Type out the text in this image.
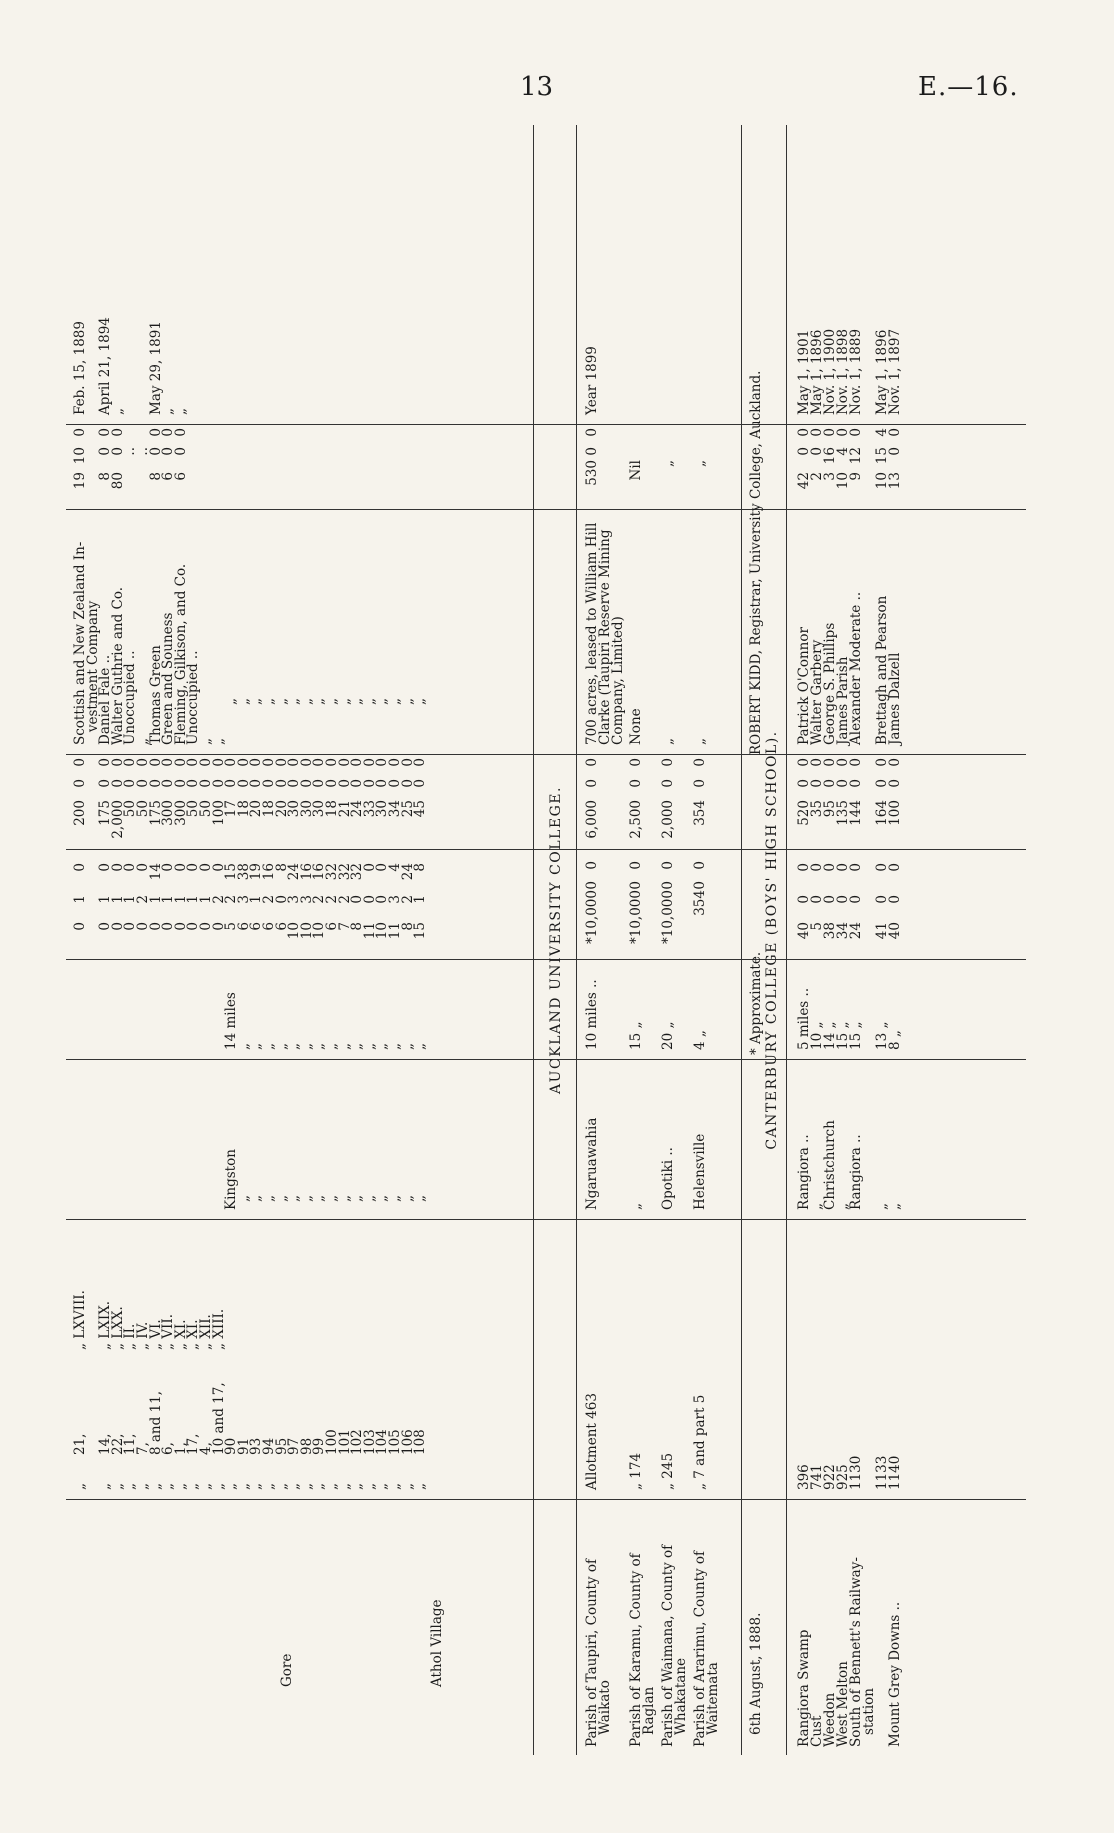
13	E.—16.
Gore
„
21,
„ LXVIII.
0
1
0
200
0
0
Scottish and New Zealand In-
19
10
0
Feb. 15, 1889
vestment Company
„
14,
„ LXIX.
0
1
0
175
0
0
Daniel Fale ..
8
0
0
April 21, 1894
„
22,
„ LXX.
0
1
0
2,000
0
0
Walter Guthrie and Co.
80
0
0
„
„
11,
„ II.
0
1
0
50
0
0
Unoccupied ..
..
„
7,
„ IV.
0
2
0
50
0
0
„
..
„
8 and 11,
„ VI.
0
1
14
175
0
0
Thomas Green
8
0
0
May 29, 1891
„
6,
„ VII.
0
1
0
300
0
0
Green and Souness
6
0
0
„
„
1,
„ XI.
0
1
0
300
0
0
Fleming, Gilkison, and Co.
6
0
0
„
„
17,
„ XI.
0
1
0
50
0
0
Unoccupied ..
„
4,
„ XII.
0
1
0
50
0
0
„
„
10 and 17,
„ XIII.
0
2
0
100
0
0
„
Athol Village
Kingston
14 miles
„
90
5
2
15
17
0
0
„
„
91
„
„
6
3
38
18
0
0
„
„
93
„
„
6
1
19
20
0
0
„
„
94
„
„
6
2
16
18
0
0
„
„
95
„
„
6
0
8
20
0
0
„
„
97
„
„
10
3
24
30
0
0
„
„
98
„
„
10
3
16
30
0
0
„
„
99
„
„
10
2
16
30
0
0
„
„
100
„
„
6
2
32
18
0
0
„
„
101
„
„
7
2
32
21
0
0
„
„
102
„
„
8
0
32
24
0
0
„
„
103
„
„
11
0
0
33
0
0
„
„
104
„
„
10
0
0
30
0
0
„
„
105
„
„
11
3
4
34
0
0
„
„
106
„
„
8
2
24
25
0
0
„
„
108
„
„
15
1
8
45
0
0
„
AUCKLAND UNIVERSITY COLLEGE.
Parish of Taupiri, County of
Waikato
Allotment 463
Ngaruawahia
10 miles ..
*10,000
0
0
6,000
0
0
700 acres, leased to William Hill
Clarke (Taupiri Reserve Mining
Company, Limited)
530
0
0
Year 1899
Parish of Karamu, County of
Raglan
„ 174
„
15 „
*10,000
0
0
2,500
0
0
None
Nil
Parish of Waimana, County of
Whakatane
„ 245
Opotiki ..
20 „
*10,000
0
0
2,000
0
0
„
„
Parish of Ararimu, County of
Waitemata
„ 7 and part 5
Helensville
4 „
354
0
0
354
0
0
„
„
6th August, 1888.
* Approximate.
ROBERT KIDD, Registrar, University College, Auckland.
CANTERBURY COLLEGE (BOYS' HIGH SCHOOL).
Rangiora Swamp
396
Rangiora ..
5 miles ..
40
0
0
520
0
0
Patrick O'Connor
42
0
0
May 1, 1901
Cust
741
„
10 „
5
0
0
35
0
0
Walter Garbery
2
0
0
May 1, 1896
Weedon
922
Christchurch
14 „
38
0
0
95
0
0
George S. Phillips
3
16
0
Nov. 1, 1900
West Melton
925
„
15 „
34
0
0
135
0
0
James Parish
10
4
0
Nov. 1, 1898
South of Bennett's Railway-
station
1130
Rangiora ..
15 „
24
0
0
144
0
0
Alexander Moderate ..
9
12
0
Nov. 1, 1889
1133
„
13 „
41
0
0
164
0
0
Brettagh and Pearson
10
15
4
May 1, 1896
Mount Grey Downs ..
1140
„
8 „
40
0
0
100
0
0
James Dalzell
13
0
0
Nov. 1, 1897
